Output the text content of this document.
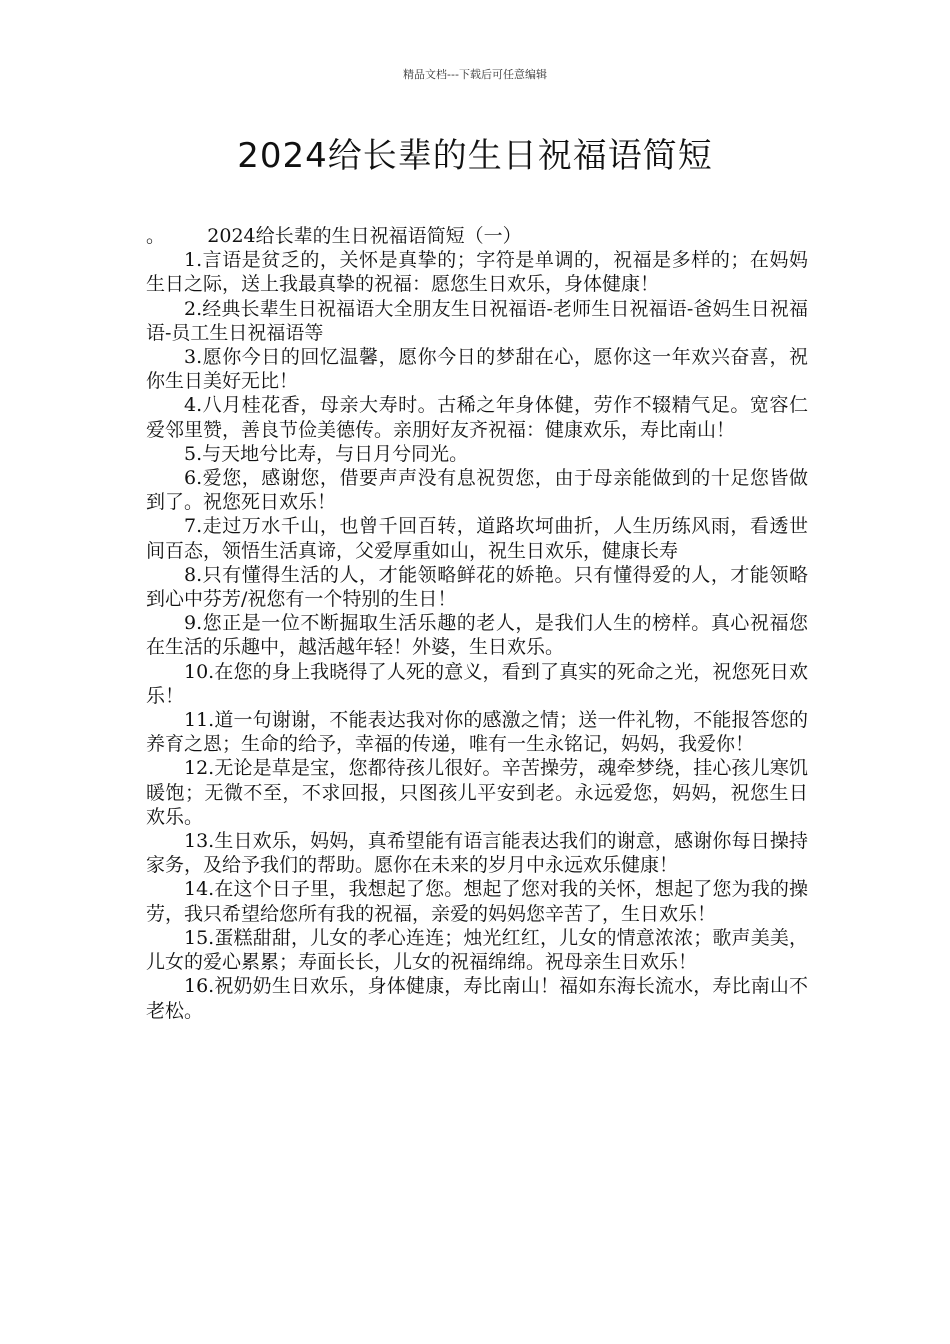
精品文档---下载后可任意编辑
2024给长辈的生日祝福语简短

。       2024给长辈的生日祝福语简短（一）

1.言语是贫乏的，关怀是真挚的；字符是单调的，祝福是多样的；在妈妈生日之际，送上我最真挚的祝福：愿您生日欢乐，身体健康！

2.经典长辈生日祝福语大全朋友生日祝福语-老师生日祝福语-爸妈生日祝福语-员工生日祝福语等

3.愿你今日的回忆温馨，愿你今日的梦甜在心，愿你这一年欢兴奋喜，祝你生日美好无比！

4.八月桂花香，母亲大寿时。古稀之年身体健，劳作不辍精气足。宽容仁爱邻里赞，善良节俭美德传。亲朋好友齐祝福：健康欢乐，寿比南山！

5.与天地兮比寿，与日月兮同光。

6.爱您，感谢您，借要声声没有息祝贺您，由于母亲能做到的十足您皆做到了。祝您死日欢乐！

7.走过万水千山，也曾千回百转，道路坎坷曲折，人生历练风雨，看透世间百态，领悟生活真谛，父爱厚重如山，祝生日欢乐，健康长寿

8.只有懂得生活的人，才能领略鲜花的娇艳。只有懂得爱的人，才能领略到心中芬芳/祝您有一个特别的生日！

9.您正是一位不断掘取生活乐趣的老人，是我们人生的榜样。真心祝福您在生活的乐趣中，越活越年轻！外婆，生日欢乐。

10.在您的身上我晓得了人死的意义，看到了真实的死命之光，祝您死日欢乐！

11.道一句谢谢，不能表达我对你的感激之情；送一件礼物，不能报答您的养育之恩；生命的给予，幸福的传递，唯有一生永铭记，妈妈，我爱你！

12.无论是草是宝，您都待孩儿很好。辛苦操劳，魂牵梦绕，挂心孩儿寒饥暖饱；无微不至，不求回报，只图孩儿平安到老。永远爱您，妈妈，祝您生日欢乐。

13.生日欢乐，妈妈，真希望能有语言能表达我们的谢意，感谢你每日操持家务，及给予我们的帮助。愿你在未来的岁月中永远欢乐健康！

14.在这个日子里，我想起了您。想起了您对我的关怀，想起了您为我的操劳，我只希望给您所有我的祝福，亲爱的妈妈您辛苦了，生日欢乐！

15.蛋糕甜甜，儿女的孝心连连；烛光红红，儿女的情意浓浓；歌声美美，儿女的爱心累累；寿面长长，儿女的祝福绵绵。祝母亲生日欢乐！

16.祝奶奶生日欢乐，身体健康，寿比南山！福如东海长流水，寿比南山不老松。
